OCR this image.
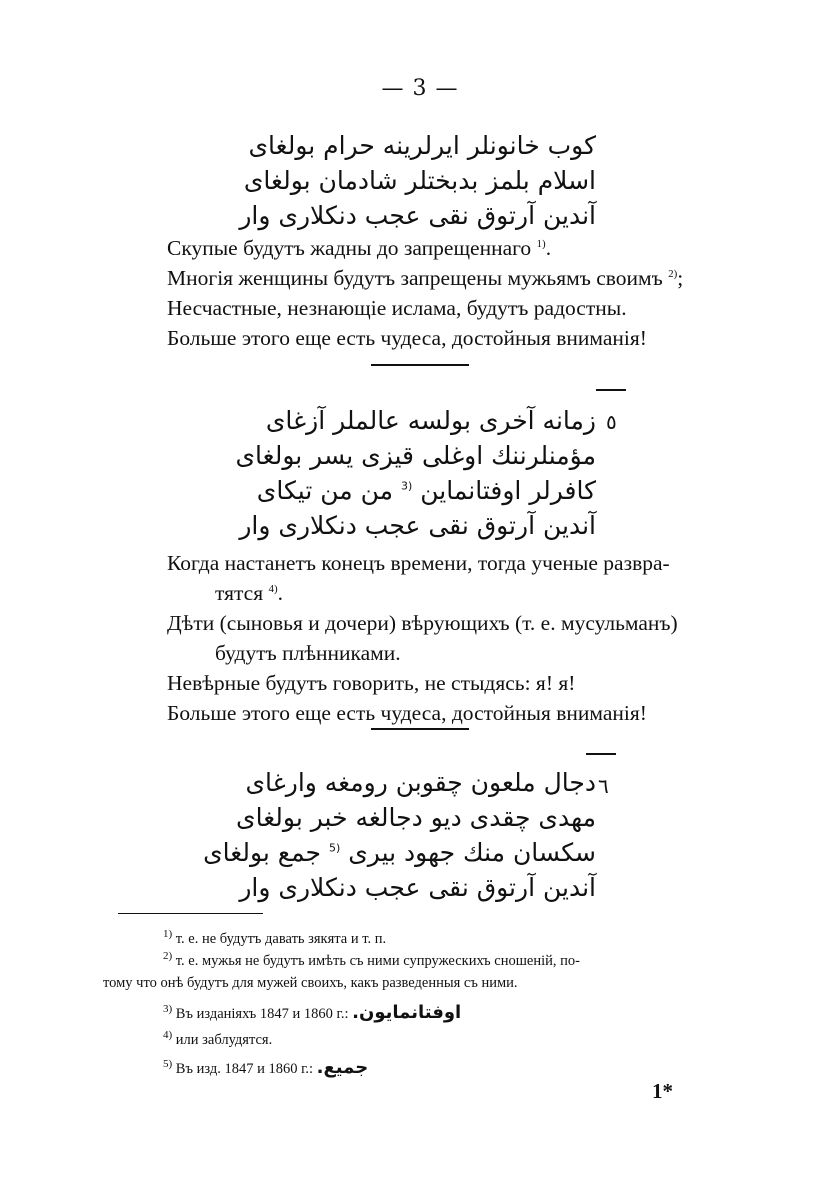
— 3 —
کوب خانونلر ایرلرینه حرام بولغای
اسلام بلمز بدبختلر شادمان بولغای
آندین آرتوق نقی عجب دنکلاری وار
Скупые будутъ жадны до запрещеннаго $^{1)}$.
Многія женщины будутъ запрещены мужьямъ своимъ $^{2)}$;
Несчастные, незнающіе ислама, будутъ радостны.
Больше этого еще есть чудеса, достойныя вниманія!
٥
زمانه آخری بولسه عالملر آزغای
مؤمنلرننك اوغلی قیزی یسر بولغای
کافرلر اوفتانماین $^{3)}$ من من تیکای
آندین آرتوق نقی عجب دنکلاری وار
Когда настанетъ конецъ времени, тогда ученые развра-
тятся $^{4)}$.
Дѣти (сыновья и дочери) вѣрующихъ (т. е. мусульманъ)
будутъ плѣнниками.
Невѣрные будутъ говорить, не стыдясь: я! я!
Больше этого еще есть чудеса, достойныя вниманія!
٦
دجال ملعون چقوبن رومغه وارغای
مهدی چقدی دیو دجالغه خبر بولغای
سکسان منك جهود بیری $^{5)}$ جمع بولغای
آندین آرتوق نقی عجب دنکلاری وار
$^{1)}$ т. е. не будутъ давать зякята и т. п.
$^{2)}$ т. е. мужья не будутъ имѣть съ ними супружескихъ сношеній, по-
тому что онѣ будутъ для мужей своихъ, какъ разведенныя съ ними.
$^{3)}$ Въ изданіяхъ 1847 и 1860 г.: اوفتانمایون.
$^{4)}$ или заблудятся.
$^{5)}$ Въ изд. 1847 и 1860 г.: جمیع.
1*
